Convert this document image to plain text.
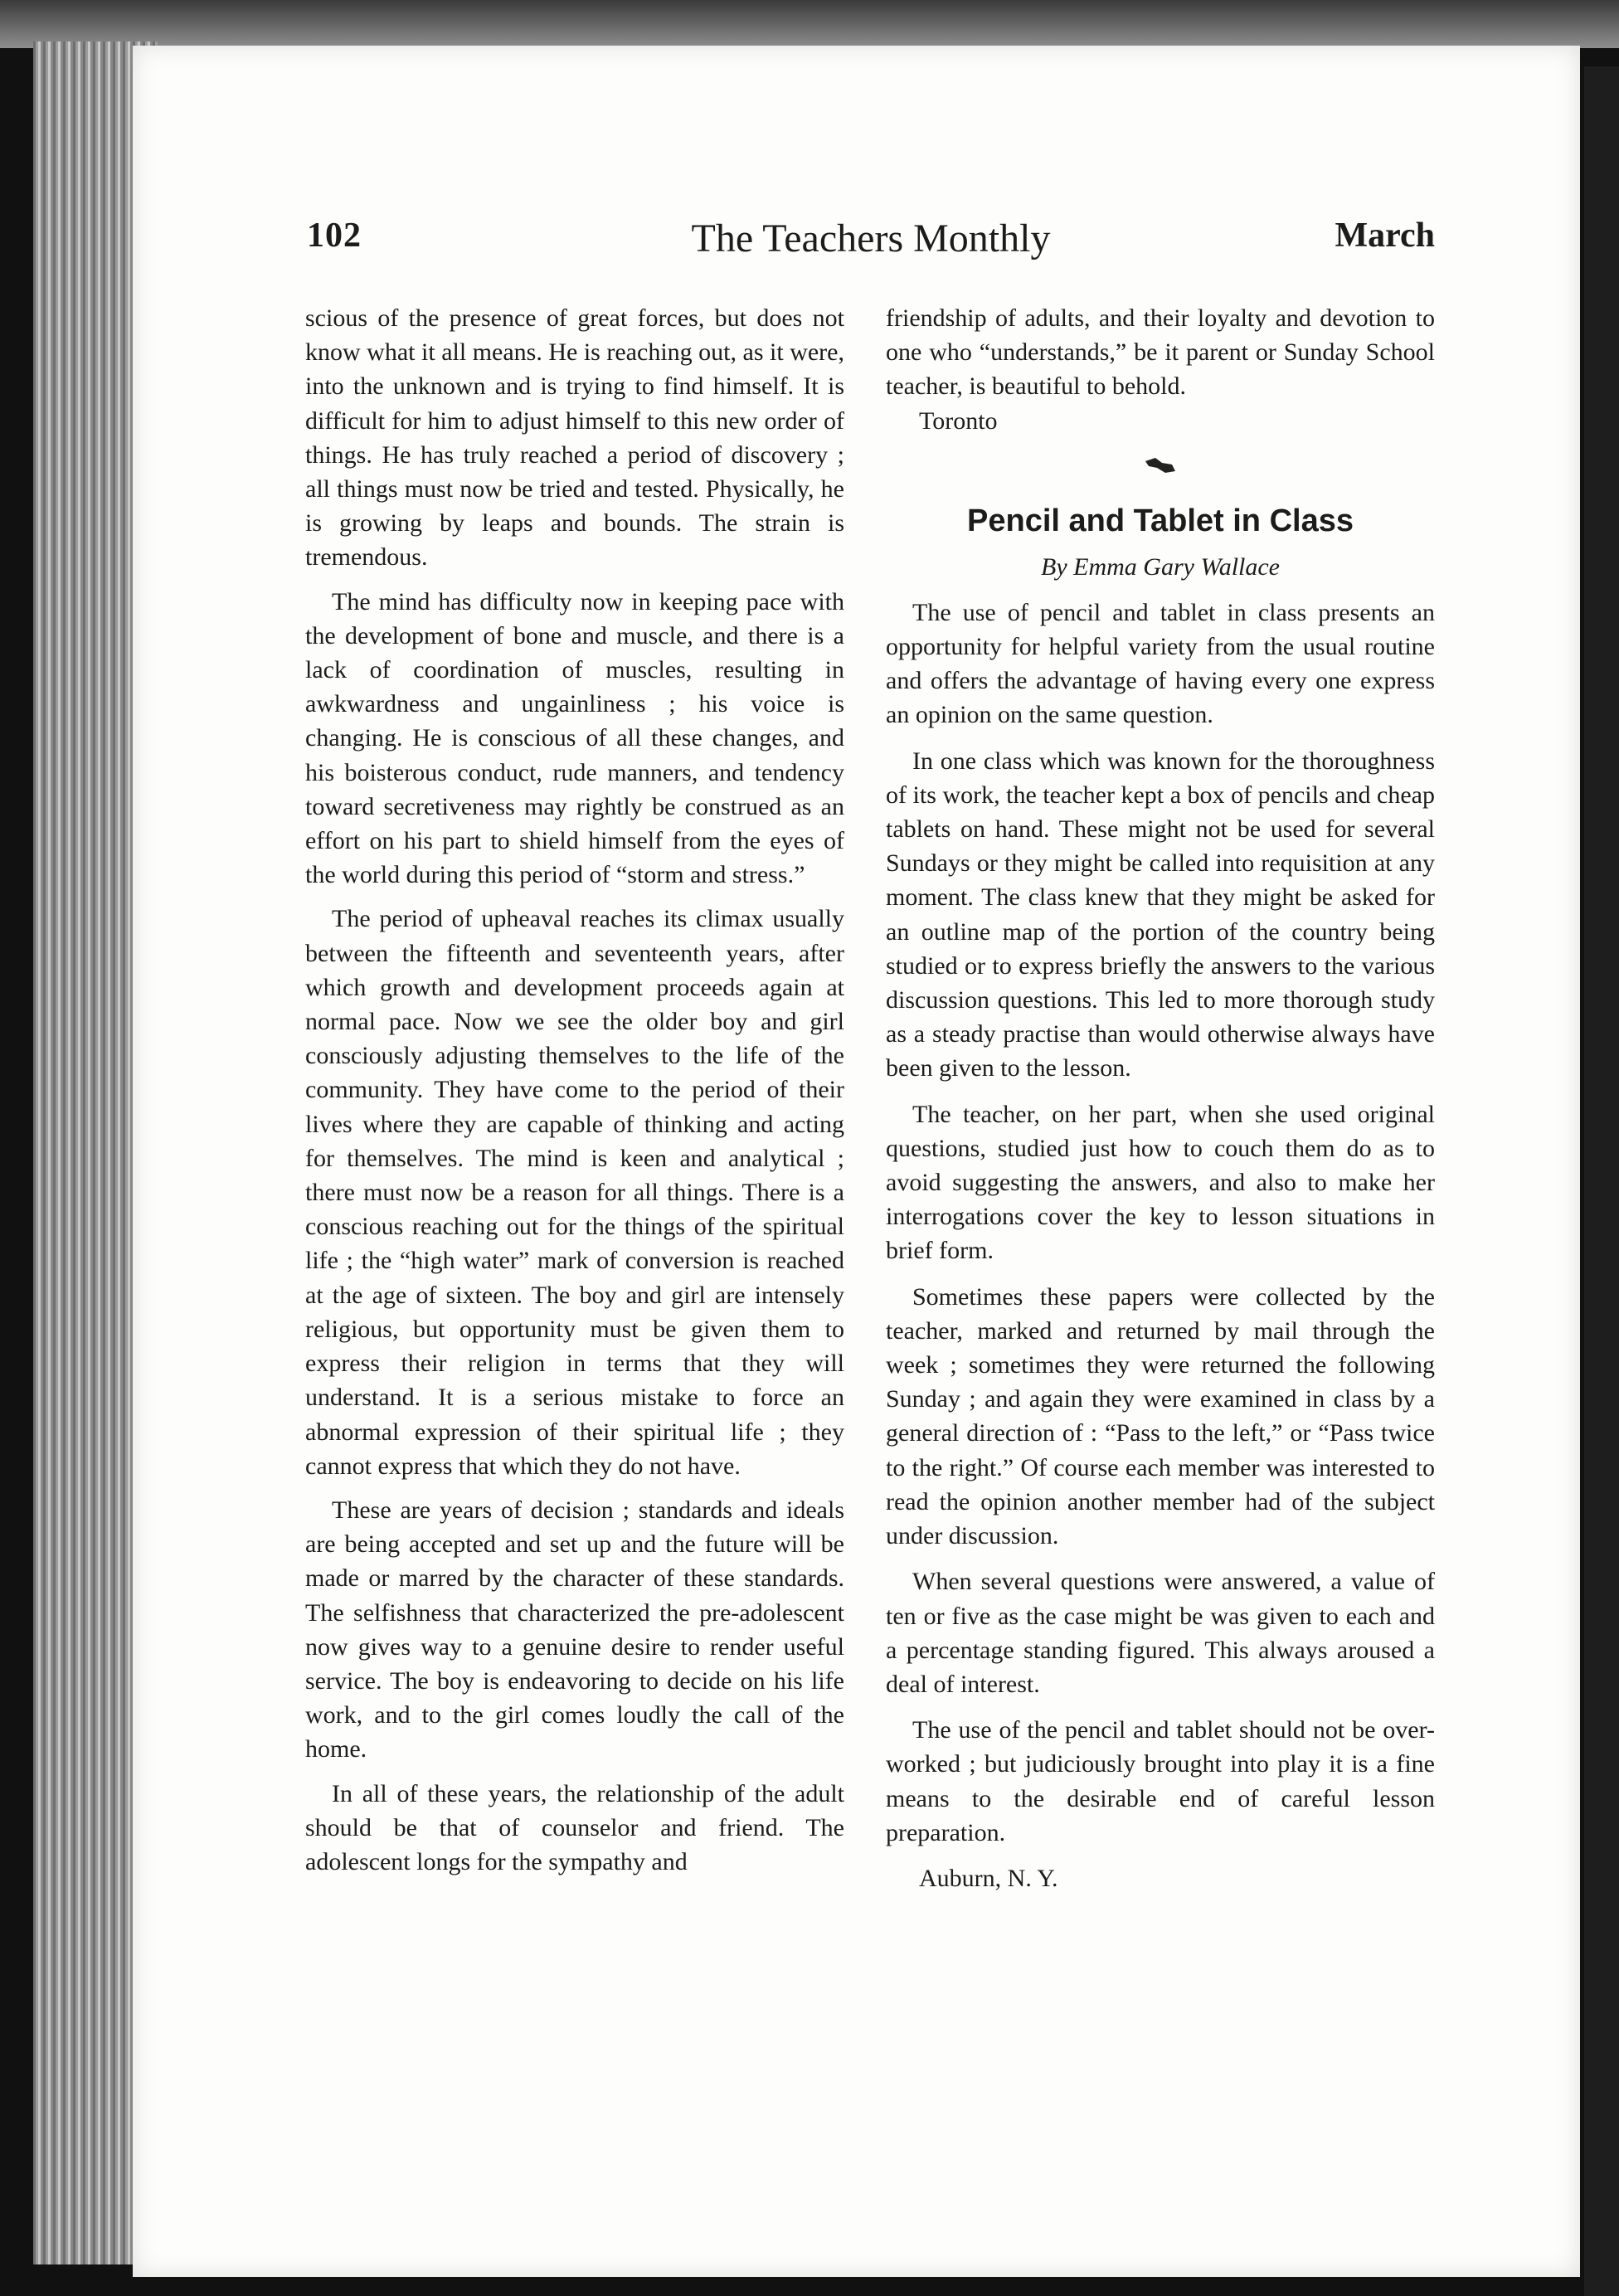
102	The Teachers Monthly	March

scious of the presence of great forces, but does not know what it all means. He is reaching out, as it were, into the unknown and is trying to find himself. It is difficult for him to adjust himself to this new order of things. He has truly reached a period of discovery ; all things must now be tried and tested. Physically, he is growing by leaps and bounds. The strain is tremendous.

The mind has difficulty now in keeping pace with the development of bone and muscle, and there is a lack of coordination of muscles, resulting in awkwardness and ungainliness ; his voice is changing. He is conscious of all these changes, and his boisterous conduct, rude manners, and tendency toward secretiveness may rightly be construed as an effort on his part to shield himself from the eyes of the world during this period of “storm and stress.”

The period of upheaval reaches its climax usually between the fifteenth and seventeenth years, after which growth and development proceeds again at normal pace. Now we see the older boy and girl consciously adjusting themselves to the life of the community. They have come to the period of their lives where they are capable of thinking and acting for themselves. The mind is keen and analytical ; there must now be a reason for all things. There is a conscious reaching out for the things of the spiritual life ; the “high water” mark of conversion is reached at the age of sixteen. The boy and girl are intensely religious, but opportunity must be given them to express their religion in terms that they will understand. It is a serious mistake to force an abnormal expression of their spiritual life ; they cannot express that which they do not have.

These are years of decision ; standards and ideals are being accepted and set up and the future will be made or marred by the character of these standards. The selfishness that characterized the pre-adolescent now gives way to a genuine desire to render useful service. The boy is endeavoring to decide on his life work, and to the girl comes loudly the call of the home.

In all of these years, the relationship of the adult should be that of counselor and friend. The adolescent longs for the sympathy and

friendship of adults, and their loyalty and devotion to one who “understands,” be it parent or Sunday School teacher, is beautiful to behold.

Toronto

Pencil and Tablet in Class
By Emma Gary Wallace

The use of pencil and tablet in class presents an opportunity for helpful variety from the usual routine and offers the advantage of having every one express an opinion on the same question.

In one class which was known for the thoroughness of its work, the teacher kept a box of pencils and cheap tablets on hand. These might not be used for several Sundays or they might be called into requisition at any moment. The class knew that they might be asked for an outline map of the portion of the country being studied or to express briefly the answers to the various discussion questions. This led to more thorough study as a steady practise than would otherwise always have been given to the lesson.

The teacher, on her part, when she used original questions, studied just how to couch them do as to avoid suggesting the answers, and also to make her interrogations cover the key to lesson situations in brief form.

Sometimes these papers were collected by the teacher, marked and returned by mail through the week ; sometimes they were returned the following Sunday ; and again they were examined in class by a general direction of : “Pass to the left,” or “Pass twice to the right.” Of course each member was interested to read the opinion another member had of the subject under discussion.

When several questions were answered, a value of ten or five as the case might be was given to each and a percentage standing figured. This always aroused a deal of interest.

The use of the pencil and tablet should not be over-worked ; but judiciously brought into play it is a fine means to the desirable end of careful lesson preparation.

Auburn, N. Y.
